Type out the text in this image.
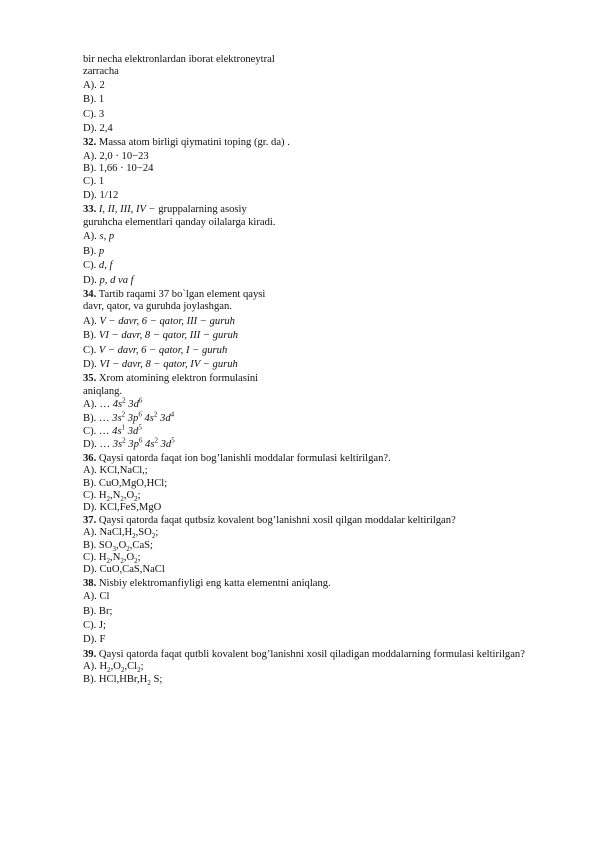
bir necha elektronlardan iborat elektroneytral
zarracha
A). 2
B). 1
C). 3
D). 2,4
32. Massa atom birligi qiymatini toping (gr. da) .
A). 2,0 · 10−23
B). 1,66 · 10−24
C). 1
D). 1/12
33. I, II, III, IV − gruppalarning asosiy
guruhcha elementlari qanday oilalarga kiradi.
A). s, p
B). p
C). d, f
D). p, d va f
34. Tartib raqami 37 bo`lgan element qaysi
davr, qator, va guruhda joylashgan.
A). V − davr, 6 − qator, III − guruh
B). VI − davr, 8 − qator, III − guruh
C). V − davr, 6 − qator, I − guruh
D). VI − davr, 8 − qator, IV − guruh
35. Xrom atomining elektron formulasini
aniqlang.
A). … $4s^2$ $3d^6$
B). … $3s^2$ $3p^6$ $4s^2$ $3d^4$
C). … $4s^1$ $3d^5$
D). … $3s^2$ $3p^6$ $4s^2$ $3d^5$
36. Qaysi qatorda faqat ion bog’lanishli moddalar formulasi keltirilgan?.
A). KCl,NaCl,;
B). CuO,MgO,HCl;
C). $H_2,N_2,O_2$;
D). KCl,FeS,MgO
37. Qaysi qatorda faqat qutbsiz kovalent bog’lanishni xosil qilgan moddalar keltirilgan?
A). $NaCl,H_2,SO_2$;
B). $SO_3,O_2,CaS$;
C). $H_2,N_2,O_2$;
D). CuO,CaS,NaCl
38. Nisbiy elektromanfiyligi eng katta elementni aniqlang.
A). Cl
B). Br;
C). J;
D). F
39. Qaysi qatorda faqat qutbli kovalent bog’lanishni xosil qiladigan moddalarning formulasi keltirilgan?
A). $H_2,O_2,Cl_2$;
B). $HCl,HBr,H_2$ S;
